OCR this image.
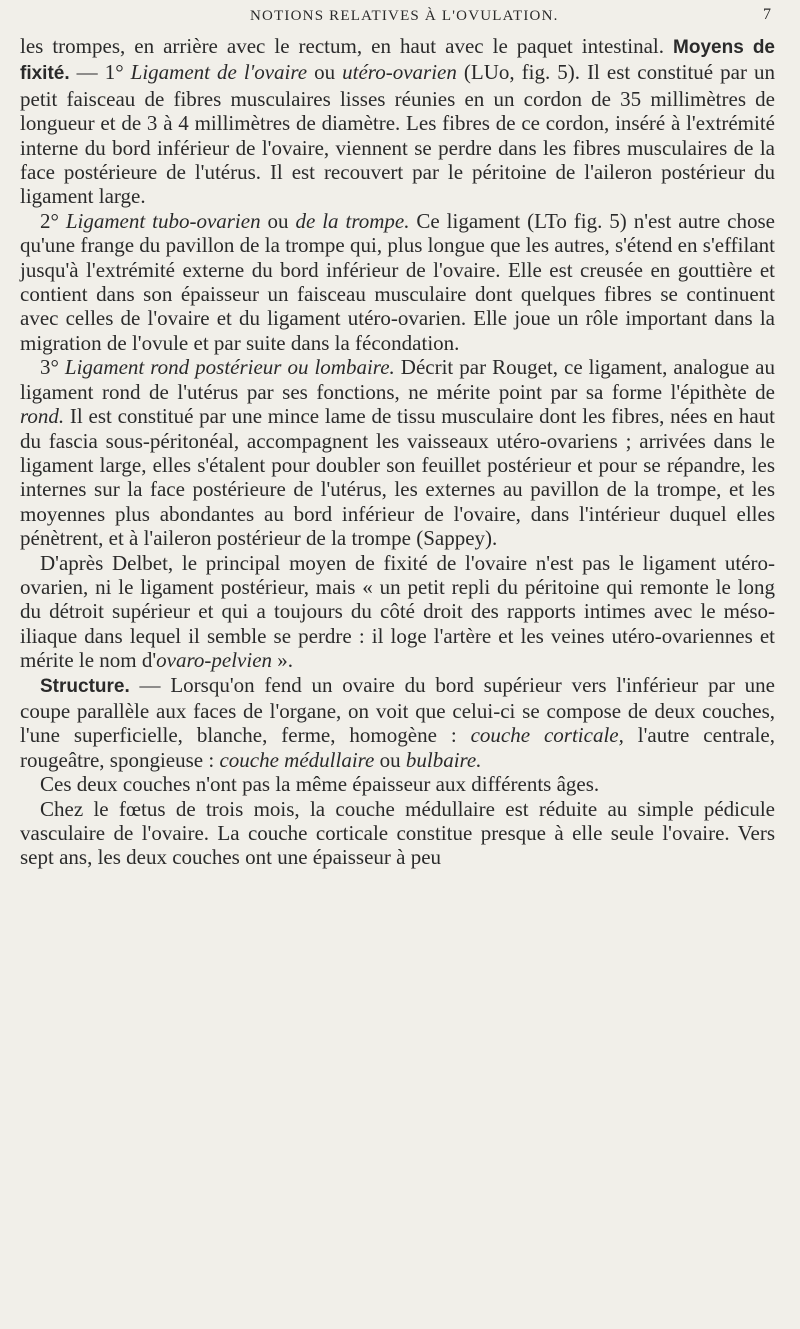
NOTIONS RELATIVES À L'OVULATION.	7

les trompes, en arrière avec le rectum, en haut avec le paquet intestinal. Moyens de fixité. — 1° Ligament de l'ovaire ou utéro-ovarien (LUo, fig. 5). Il est constitué par un petit faisceau de fibres musculaires lisses réunies en un cordon de 35 millimètres de longueur et de 3 à 4 millimètres de diamètre. Les fibres de ce cordon, inséré à l'extrémité interne du bord inférieur de l'ovaire, viennent se perdre dans les fibres musculaires de la face postérieure de l'utérus. Il est recouvert par le péritoine de l'aileron postérieur du ligament large.

2° Ligament tubo-ovarien ou de la trompe. Ce ligament (LTo fig. 5) n'est autre chose qu'une frange du pavillon de la trompe qui, plus longue que les autres, s'étend en s'effilant jusqu'à l'extrémité externe du bord inférieur de l'ovaire. Elle est creusée en gouttière et contient dans son épaisseur un faisceau musculaire dont quelques fibres se continuent avec celles de l'ovaire et du ligament utéro-ovarien. Elle joue un rôle important dans la migration de l'ovule et par suite dans la fécondation.

3° Ligament rond postérieur ou lombaire. Décrit par Rouget, ce ligament, analogue au ligament rond de l'utérus par ses fonctions, ne mérite point par sa forme l'épithète de rond. Il est constitué par une mince lame de tissu musculaire dont les fibres, nées en haut du fascia sous-péritonéal, accompagnent les vaisseaux utéro-ovariens ; arrivées dans le ligament large, elles s'étalent pour doubler son feuillet postérieur et pour se répandre, les internes sur la face postérieure de l'utérus, les externes au pavillon de la trompe, et les moyennes plus abondantes au bord inférieur de l'ovaire, dans l'intérieur duquel elles pénètrent, et à l'aileron postérieur de la trompe (Sappey).

D'après Delbet, le principal moyen de fixité de l'ovaire n'est pas le ligament utéro-ovarien, ni le ligament postérieur, mais « un petit repli du péritoine qui remonte le long du détroit supérieur et qui a toujours du côté droit des rapports intimes avec le méso-iliaque dans lequel il semble se perdre : il loge l'artère et les veines utéro-ovariennes et mérite le nom d'ovaro-pelvien ».

Structure. — Lorsqu'on fend un ovaire du bord supérieur vers l'inférieur par une coupe parallèle aux faces de l'organe, on voit que celui-ci se compose de deux couches, l'une superficielle, blanche, ferme, homogène : couche corticale, l'autre centrale, rougeâtre, spongieuse : couche médullaire ou bulbaire.

Ces deux couches n'ont pas la même épaisseur aux différents âges.

Chez le fœtus de trois mois, la couche médullaire est réduite au simple pédicule vasculaire de l'ovaire. La couche corticale constitue presque à elle seule l'ovaire. Vers sept ans, les deux couches ont une épaisseur à peu
